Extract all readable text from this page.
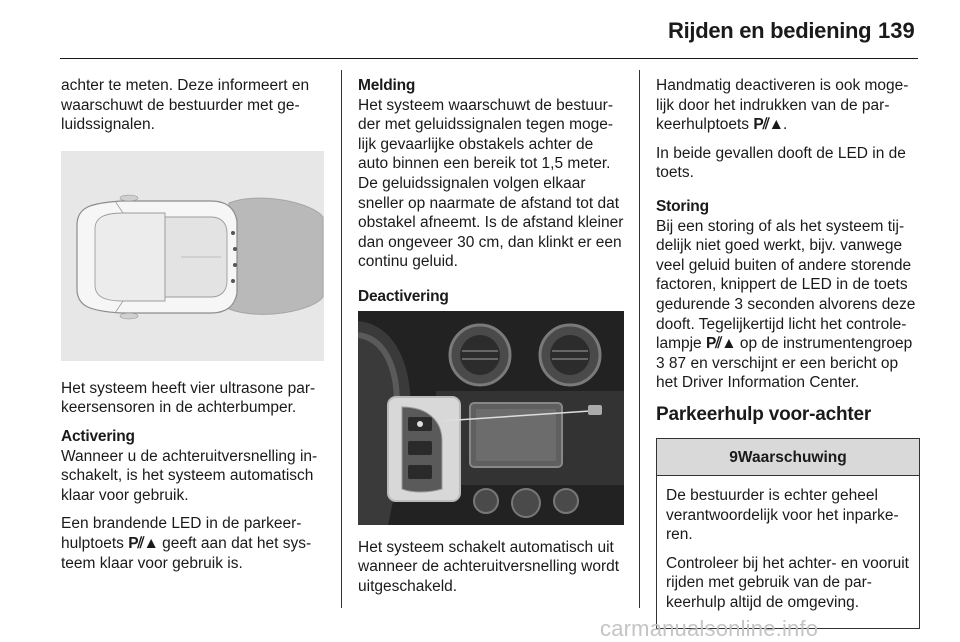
Rijden en bediening 139

achter te meten. Deze informeert en waarschuwt de bestuurder met geluidssignalen.

Het systeem heeft vier ultrasone parkeersensoren in de achterbumper.

Activering
Wanneer u de achteruitversnelling inschakelt, is het systeem automatisch klaar voor gebruik.

Een brandende LED in de parkeerhulptoets P⫽▲ geeft aan dat het systeem klaar voor gebruik is.

Melding
Het systeem waarschuwt de bestuurder met geluidssignalen tegen mogelijk gevaarlijke obstakels achter de auto binnen een bereik tot 1,5 meter. De geluidssignalen volgen elkaar sneller op naarmate de afstand tot dat obstakel afneemt. Is de afstand kleiner dan ongeveer 30 cm, dan klinkt er een continu geluid.

Deactivering

Het systeem schakelt automatisch uit wanneer de achteruitversnelling wordt uitgeschakeld.

Handmatig deactiveren is ook mogelijk door het indrukken van de parkeerhulptoets P⫽▲.

In beide gevallen dooft de LED in de toets.

Storing
Bij een storing of als het systeem tijdelijk niet goed werkt, bijv. vanwege veel geluid buiten of andere storende factoren, knippert de LED in de toets gedurende 3 seconden alvorens deze dooft. Tegelijkertijd licht het controlelampje P⫽▲ op de instrumentengroep 3 87 en verschijnt er een bericht op het Driver Information Center.

Parkeerhulp voor-achter
9Waarschuwing

De bestuurder is echter geheel verantwoordelijk voor het inparkeren.

Controleer bij het achter- en vooruit rijden met gebruik van de parkeerhulp altijd de omgeving.

carmanualsonline.info
